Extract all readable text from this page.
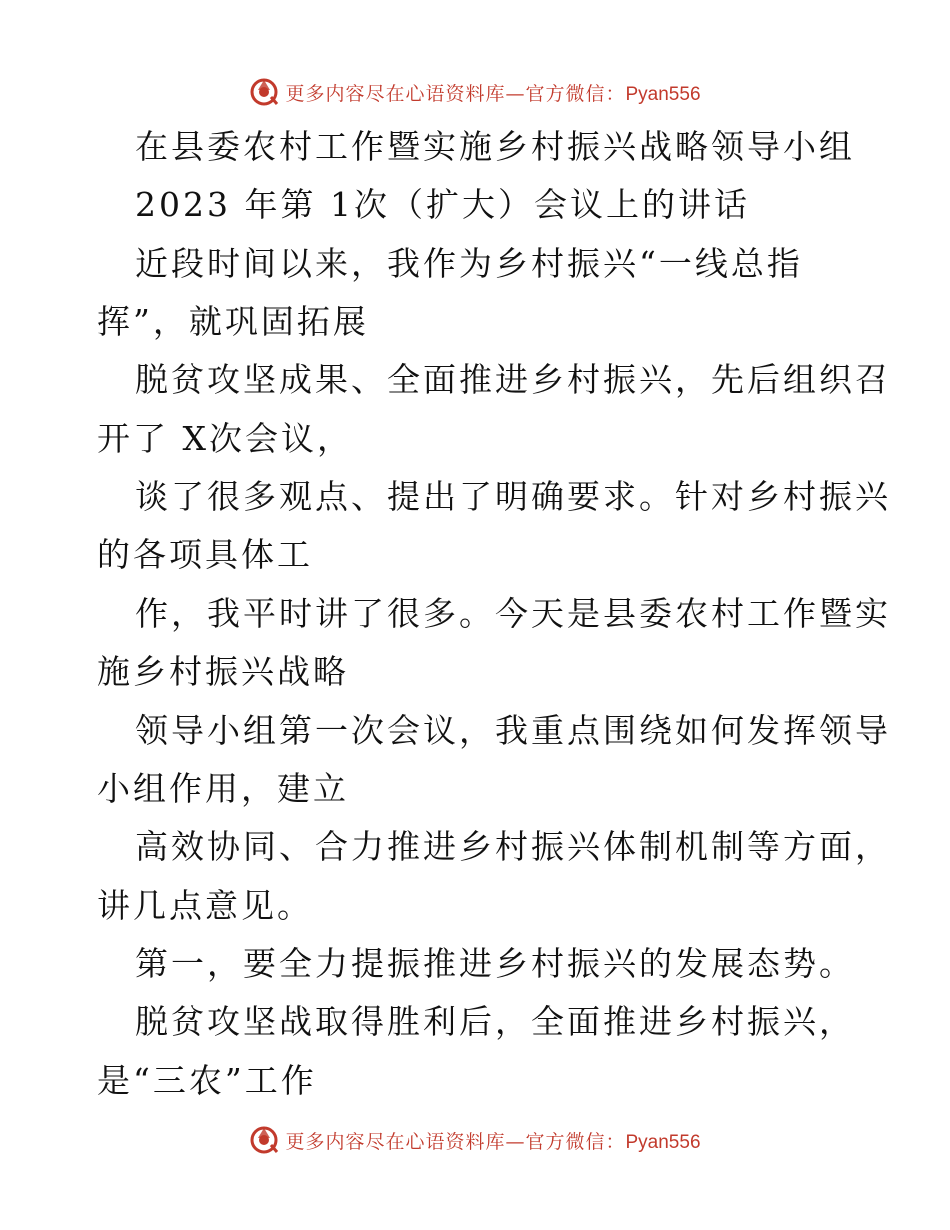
更多内容尽在心语资料库—官方微信：Pyan556
在县委农村工作暨实施乡村振兴战略领导小组
2023 年第 1次（扩大）会议上的讲话
近段时间以来，我作为乡村振兴“一线总指
挥”，就巩固拓展
脱贫攻坚成果、全面推进乡村振兴，先后组织召
开了 X次会议，
谈了很多观点、提出了明确要求。针对乡村振兴
的各项具体工
作，我平时讲了很多。今天是县委农村工作暨实
施乡村振兴战略
领导小组第一次会议，我重点围绕如何发挥领导
小组作用，建立
高效协同、合力推进乡村振兴体制机制等方面，
讲几点意见。
第一，要全力提振推进乡村振兴的发展态势。
脱贫攻坚战取得胜利后，全面推进乡村振兴，
是“三农”工作
更多内容尽在心语资料库—官方微信：Pyan556
